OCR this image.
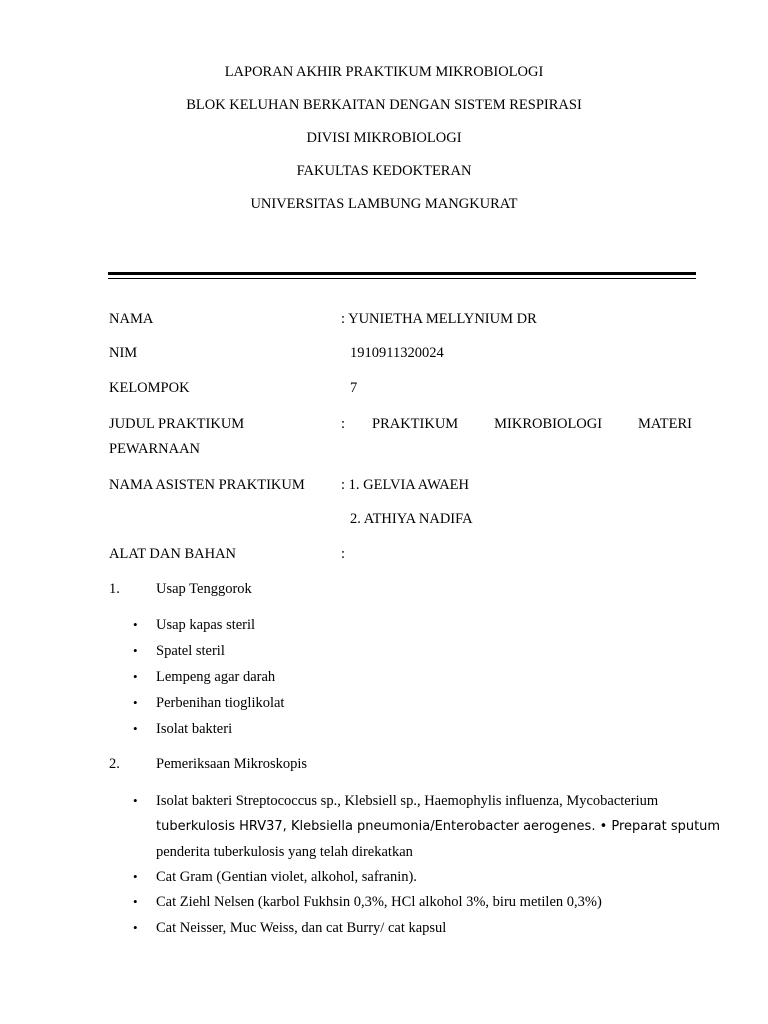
LAPORAN AKHIR PRAKTIKUM MIKROBIOLOGI
BLOK KELUHAN BERKAITAN DENGAN SISTEM RESPIRASI
DIVISI MIKROBIOLOGI
FAKULTAS KEDOKTERAN
UNIVERSITAS LAMBUNG MANGKURAT
NAMA	: YUNIETHA MELLYNIUM DR
NIM	1910911320024
KELOMPOK	7
JUDUL PRAKTIKUM	: PRAKTIKUM MIKROBIOLOGI MATERI
PEWARNAAN
NAMA ASISTEN PRAKTIKUM : 1. GELVIA AWAEH
2. ATHIYA NADIFA
ALAT DAN BAHAN	:
1. Usap Tenggorok
• Usap kapas steril
• Spatel steril
• Lempeng agar darah
• Perbenihan tioglikolat
• Isolat bakteri
2. Pemeriksaan Mikroskopis
• Isolat bakteri Streptococcus sp., Klebsiell sp., Haemophylis influenza, Mycobacterium
tuberkulosis HRV37, Klebsiella pneumonia/Enterobacter aerogenes. • Preparat sputum
penderita tuberkulosis yang telah direkatkan
• Cat Gram (Gentian violet, alkohol, safranin).
• Cat Ziehl Nelsen (karbol Fukhsin 0,3%, HCl alkohol 3%, biru metilen 0,3%)
• Cat Neisser, Muc Weiss, dan cat Burry/ cat kapsul
